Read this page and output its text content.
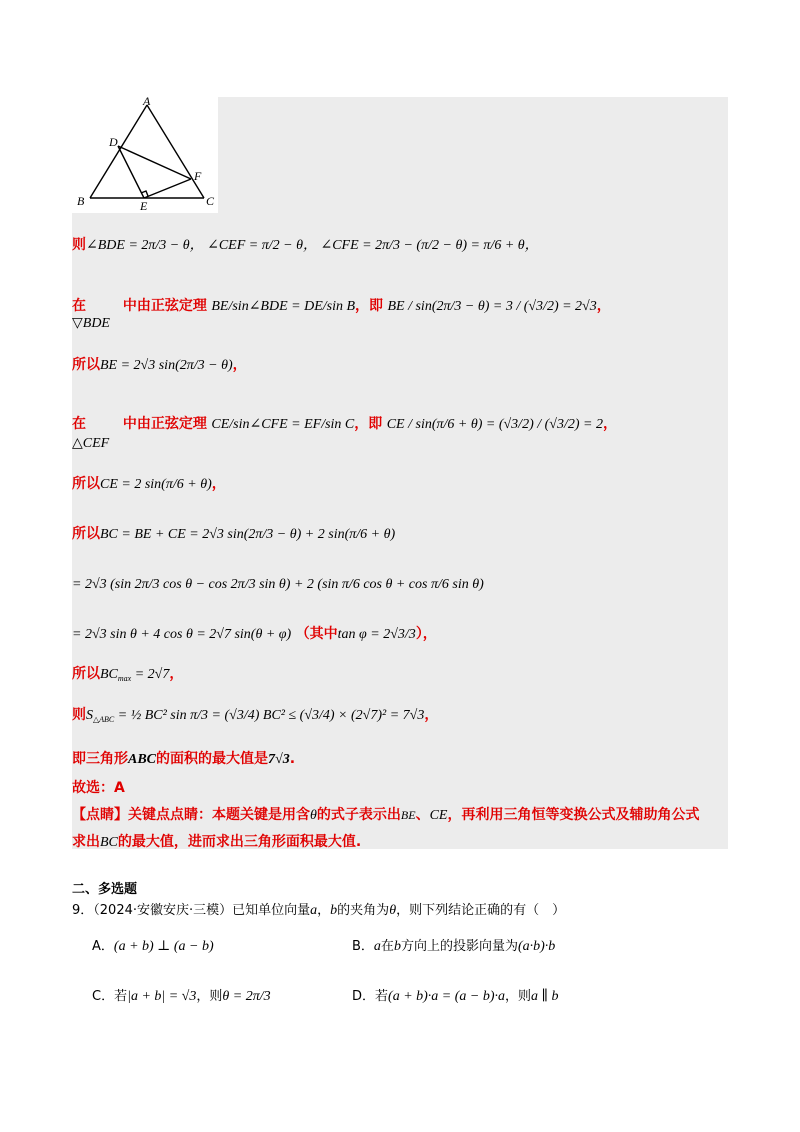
A
B	C
D
E
F
则∠BDE = 2π/3 − θ， ∠CEF = π/2 − θ， ∠CFE = 2π/3 − (π/2 − θ) = π/6 + θ，
在
▽BDE
中由正弦定理 BE/sin∠BDE = DE/sin B，即 BE / sin(2π/3 − θ) = 3 / (√3/2) = 2√3，
所以BE = 2√3 sin(2π/3 − θ)，
在
△CEF
中由正弦定理 CE/sin∠CFE = EF/sin C，即 CE / sin(π/6 + θ) = (√3/2) / (√3/2) = 2，
所以CE = 2 sin(π/6 + θ)，
所以BC = BE + CE = 2√3 sin(2π/3 − θ) + 2 sin(π/6 + θ)
= 2√3 (sin 2π/3 cos θ − cos 2π/3 sin θ) + 2 (sin π/6 cos θ + cos π/6 sin θ)
= 2√3 sin θ + 4 cos θ = 2√7 sin(θ + φ) （其中tan φ = 2√3/3），
所以$BC_{max} = 2√7$，
则$S_{\triangle ABC}$ = ½ BC² sin π/3 = (√3/4) BC² ≤ (√3/4) × (2√7)² = 7√3，
即三角形ABC的面积的最大值是7√3.
故选：A
【点睛】关键点点睛：本题关键是用含θ的式子表示出BE、CE，再利用三角恒等变换公式及辅助角公式
求出BC的最大值，进而求出三角形面积最大值.
二、多选题
9．（2024·安徽安庆·三模）已知单位向量a，b的夹角为θ，则下列结论正确的有（　）
A．(a + b) ⊥ (a − b)	B．a在b方向上的投影向量为(a·b)·b
C．若|a + b| = √3，则θ = 2π/3	D．若(a + b)·a = (a − b)·a，则a ∥ b
